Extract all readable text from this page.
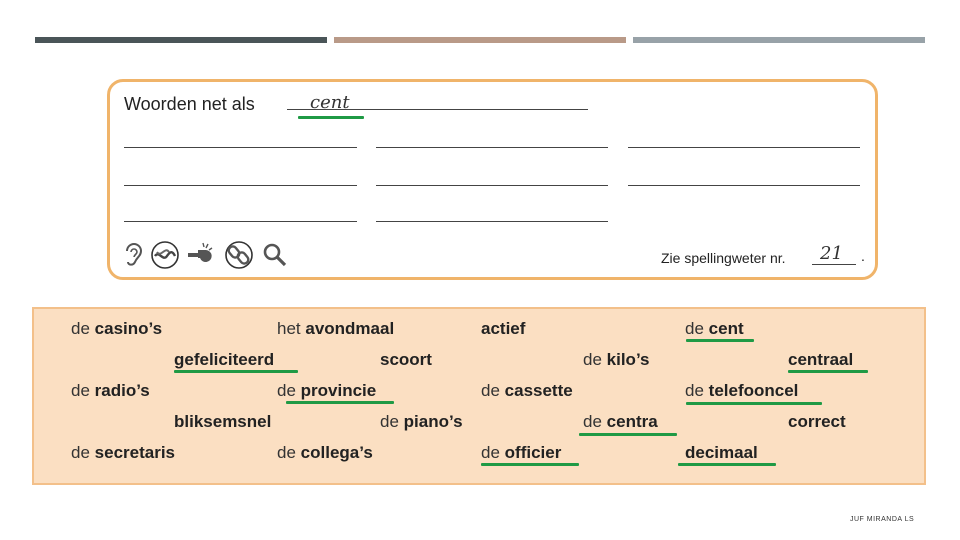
Woorden net als	cent
Zie spellingweter nr. 21 .
de casino’s	het avondmaal	actief	de cent
gefeliciteerd	scoort	de kilo’s	centraal
de radio’s	de provincie	de cassette	de telefooncel
bliksemsnel	de piano’s	de centra	correct
de secretaris	de collega’s	de officier	decimaal
JUF MIRANDA LS
